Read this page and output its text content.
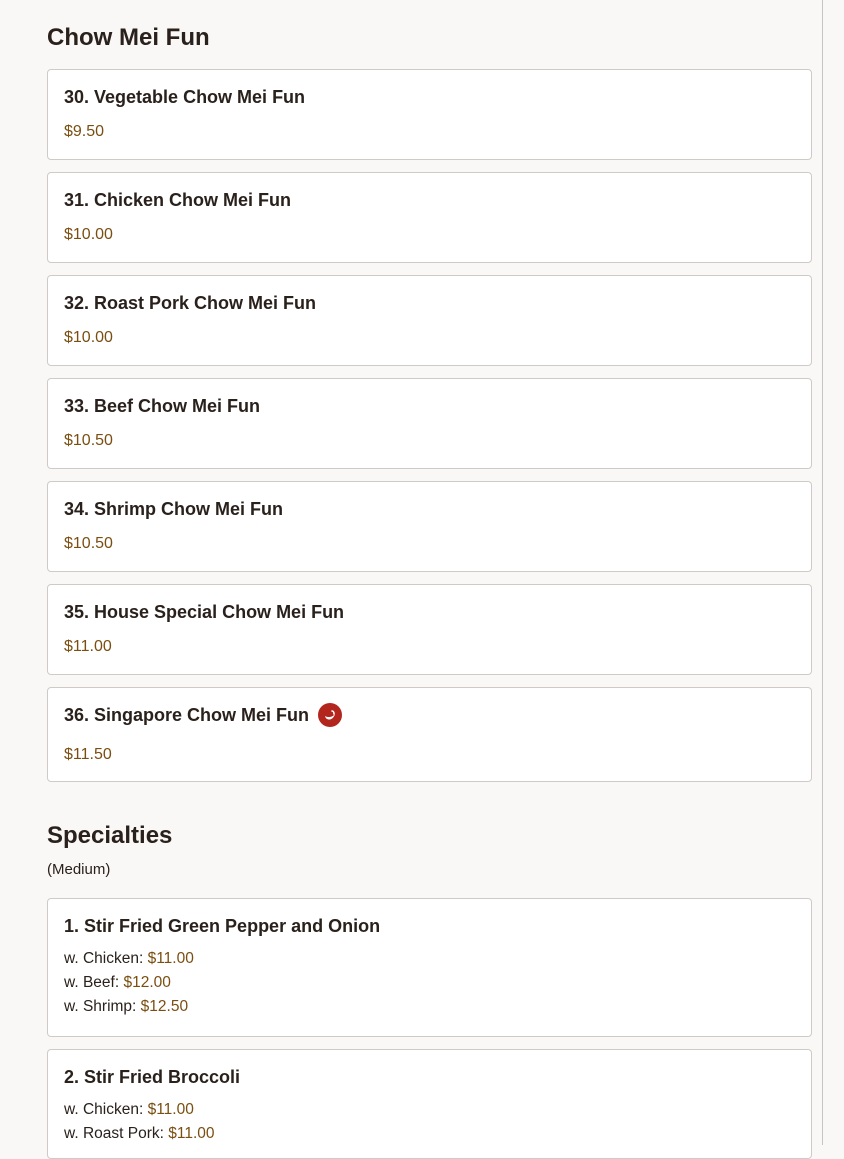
Chow Mei Fun
30. Vegetable Chow Mei Fun
$9.50
31. Chicken Chow Mei Fun
$10.00
32. Roast Pork Chow Mei Fun
$10.00
33. Beef Chow Mei Fun
$10.50
34. Shrimp Chow Mei Fun
$10.50
35. House Special Chow Mei Fun
$11.00
36. Singapore Chow Mei Fun
$11.50
Specialties
(Medium)
1. Stir Fried Green Pepper and Onion
w. Chicken: $11.00
w. Beef: $12.00
w. Shrimp: $12.50
2. Stir Fried Broccoli
w. Chicken: $11.00
w. Roast Pork: $11.00
